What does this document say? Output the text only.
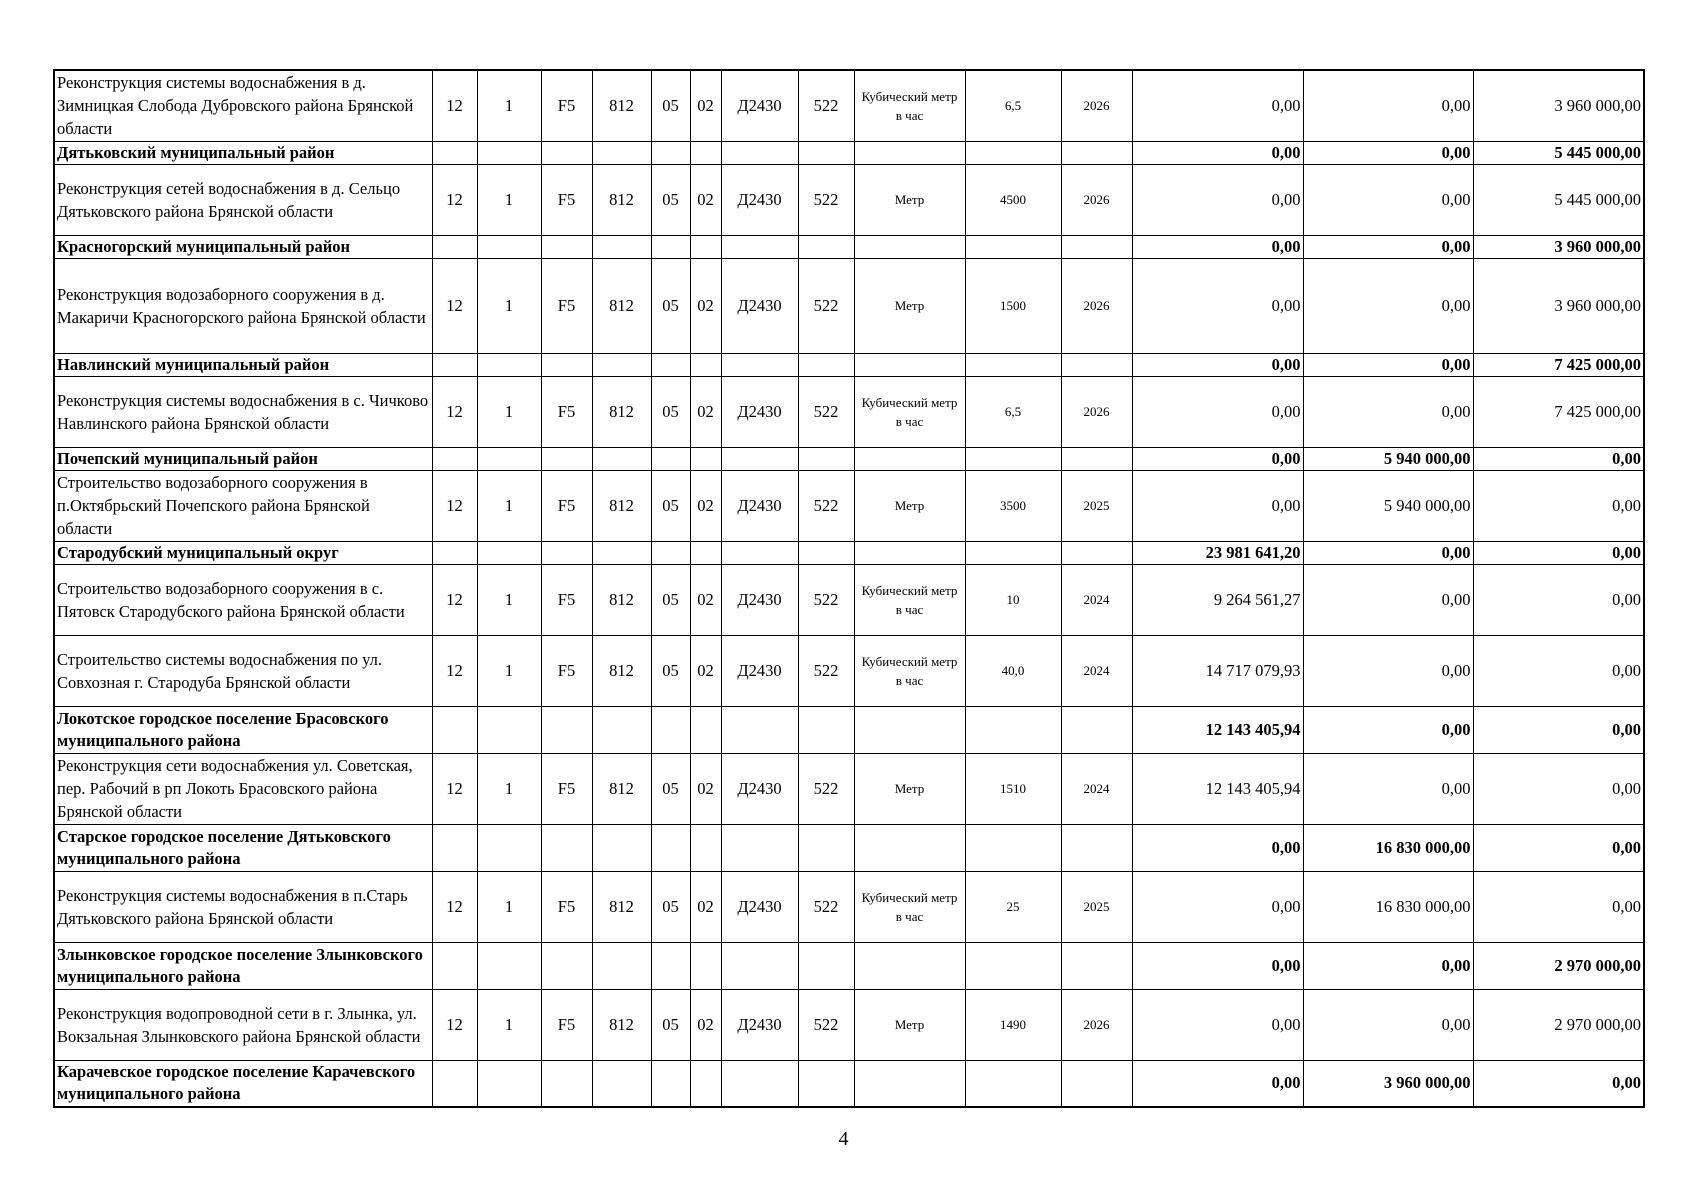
Реконструкция системы водоснабжения в д. Зимницкая Слобода Дубровского района Брянской области	12	1	F5	812	05	02	Д2430	522	Кубический метр в час	6,5	2026	0,00	0,00	3 960 000,00
Дятьковский муниципальный район												0,00	0,00	5 445 000,00
Реконструкция сетей водоснабжения в д. Сельцо Дятьковского района Брянской области	12	1	F5	812	05	02	Д2430	522	Метр	4500	2026	0,00	0,00	5 445 000,00
Красногорский муниципальный район												0,00	0,00	3 960 000,00
Реконструкция водозаборного сооружения в д. Макаричи Красногорского района Брянской области	12	1	F5	812	05	02	Д2430	522	Метр	1500	2026	0,00	0,00	3 960 000,00
Навлинский муниципальный район												0,00	0,00	7 425 000,00
Реконструкция системы водоснабжения в с. Чичково Навлинского района Брянской области	12	1	F5	812	05	02	Д2430	522	Кубический метр в час	6,5	2026	0,00	0,00	7 425 000,00
Почепский муниципальный район												0,00	5 940 000,00	0,00
Строительство водозаборного сооружения в п.Октябрьский Почепского района Брянской области	12	1	F5	812	05	02	Д2430	522	Метр	3500	2025	0,00	5 940 000,00	0,00
Стародубский муниципальный округ												23 981 641,20	0,00	0,00
Строительство водозаборного сооружения в с. Пятовск Стародубского района Брянской области	12	1	F5	812	05	02	Д2430	522	Кубический метр в час	10	2024	9 264 561,27	0,00	0,00
Строительство системы водоснабжения по ул. Совхозная г. Стародуба Брянской области	12	1	F5	812	05	02	Д2430	522	Кубический метр в час	40,0	2024	14 717 079,93	0,00	0,00
Локотское городское поселение Брасовского муниципального района												12 143 405,94	0,00	0,00
Реконструкция сети водоснабжения ул. Советская, пер. Рабочий в рп Локоть Брасовского района Брянской области	12	1	F5	812	05	02	Д2430	522	Метр	1510	2024	12 143 405,94	0,00	0,00
Старское городское поселение Дятьковского муниципального района												0,00	16 830 000,00	0,00
Реконструкция системы водоснабжения в п.Старь Дятьковского района Брянской области	12	1	F5	812	05	02	Д2430	522	Кубический метр в час	25	2025	0,00	16 830 000,00	0,00
Злынковское городское поселение Злынковского муниципального района												0,00	0,00	2 970 000,00
Реконструкция водопроводной сети в г. Злынка, ул. Вокзальная Злынковского района Брянской области	12	1	F5	812	05	02	Д2430	522	Метр	1490	2026	0,00	0,00	2 970 000,00
Карачевское городское поселение Карачевского муниципального района												0,00	3 960 000,00	0,00
4
